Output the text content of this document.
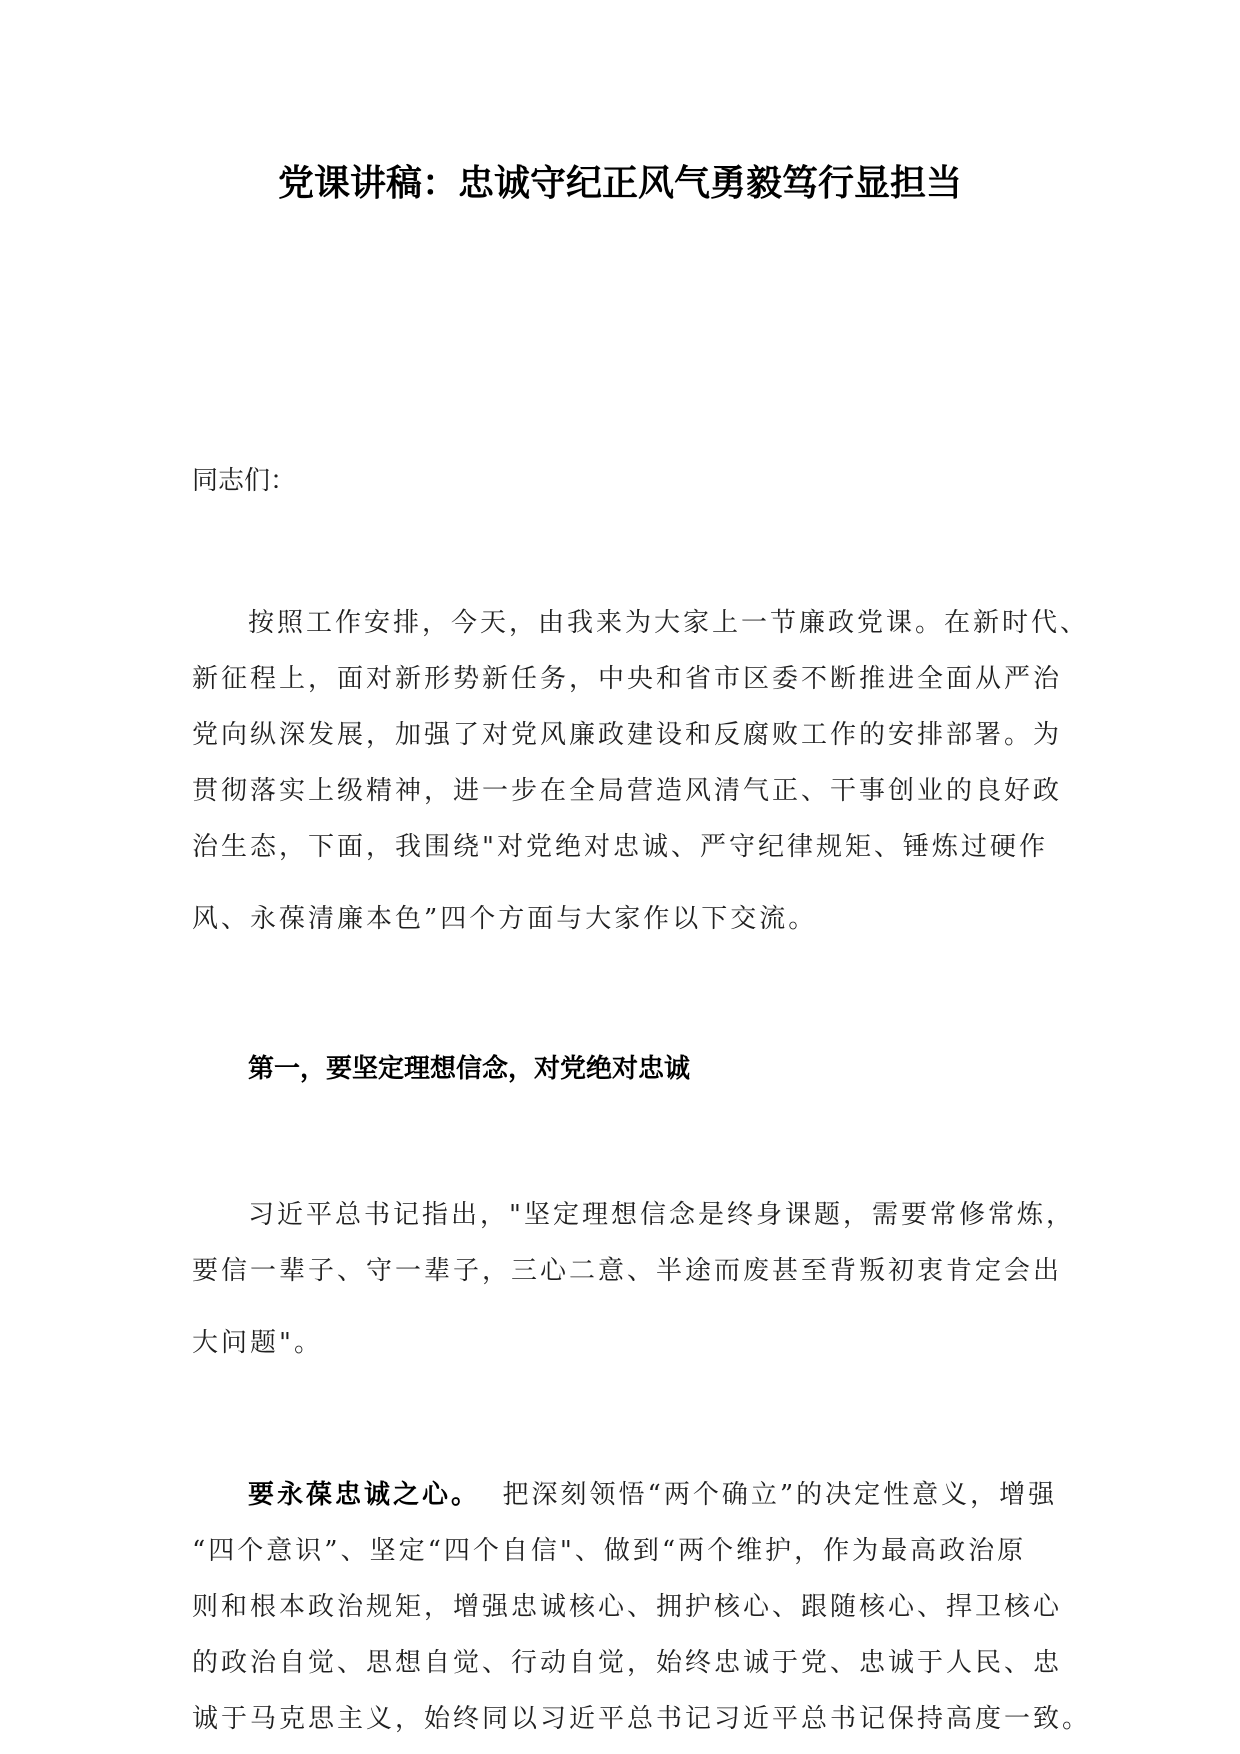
党课讲稿：忠诚守纪正风气勇毅笃行显担当

同志们：

按照工作安排，今天，由我来为大家上一节廉政党课。在新时代、
新征程上，面对新形势新任务，中央和省市区委不断推进全面从严治
党向纵深发展，加强了对党风廉政建设和反腐败工作的安排部署。为
贯彻落实上级精神，进一步在全局营造风清气正、干事创业的良好政
治生态，下面，我围绕"对党绝对忠诚、严守纪律规矩、锤炼过硬作
风、永葆清廉本色”四个方面与大家作以下交流。
第一，要坚定理想信念，对党绝对忠诚
习近平总书记指出，"坚定理想信念是终身课题，需要常修常炼，
要信一辈子、守一辈子，三心二意、半途而废甚至背叛初衷肯定会出
大问题"。
要永葆忠诚之心。 把深刻领悟“两个确立”的决定性意义，增强
“四个意识”、坚定“四个自信"、做到“两个维护，作为最高政治原
则和根本政治规矩，增强忠诚核心、拥护核心、跟随核心、捍卫核心
的政治自觉、思想自觉、行动自觉，始终忠诚于党、忠诚于人民、忠
诚于马克思主义，始终同以习近平总书记习近平总书记保持高度一致。
